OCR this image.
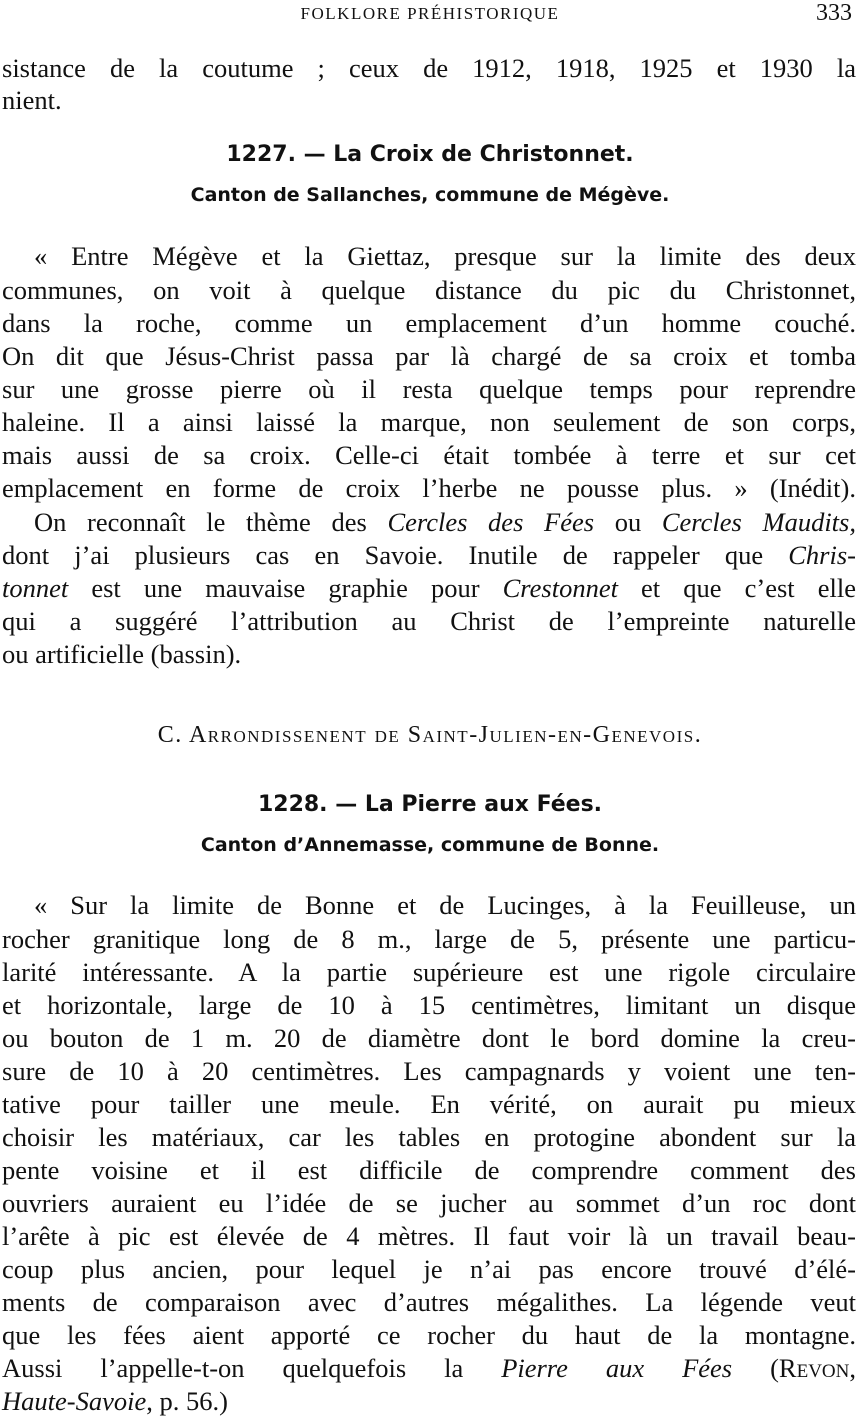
FOLKLORE PRÉHISTORIQUE	333
sistance de la coutume ; ceux de 1912, 1918, 1925 et 1930 la
nient.
1227. — La Croix de Christonnet.
Canton de Sallanches, commune de Mégève.
« Entre Mégève et la Giettaz, presque sur la limite des deux
communes, on voit à quelque distance du pic du Christonnet,
dans la roche, comme un emplacement d’un homme couché.
On dit que Jésus-Christ passa par là chargé de sa croix et tomba
sur une grosse pierre où il resta quelque temps pour reprendre
haleine. Il a ainsi laissé la marque, non seulement de son corps,
mais aussi de sa croix. Celle-ci était tombée à terre et sur cet
emplacement en forme de croix l’herbe ne pousse plus. » (Inédit).
On reconnaît le thème des Cercles des Fées ou Cercles Maudits,
dont j’ai plusieurs cas en Savoie. Inutile de rappeler que Chris-
tonnet est une mauvaise graphie pour Crestonnet et que c’est elle
qui a suggéré l’attribution au Christ de l’empreinte naturelle
ou artificielle (bassin).
C. Arrondissenent de Saint-Julien-en-Genevois.
1228. — La Pierre aux Fées.
Canton d’Annemasse, commune de Bonne.
« Sur la limite de Bonne et de Lucinges, à la Feuilleuse, un
rocher granitique long de 8 m., large de 5, présente une particu-
larité intéressante. A la partie supérieure est une rigole circulaire
et horizontale, large de 10 à 15 centimètres, limitant un disque
ou bouton de 1 m. 20 de diamètre dont le bord domine la creu-
sure de 10 à 20 centimètres. Les campagnards y voient une ten-
tative pour tailler une meule. En vérité, on aurait pu mieux
choisir les matériaux, car les tables en protogine abondent sur la
pente voisine et il est difficile de comprendre comment des
ouvriers auraient eu l’idée de se jucher au sommet d’un roc dont
l’arête à pic est élevée de 4 mètres. Il faut voir là un travail beau-
coup plus ancien, pour lequel je n’ai pas encore trouvé d’élé-
ments de comparaison avec d’autres mégalithes. La légende veut
que les fées aient apporté ce rocher du haut de la montagne.
Aussi l’appelle-t-on quelquefois la Pierre aux Fées (Revon,
Haute-Savoie, p. 56.)
